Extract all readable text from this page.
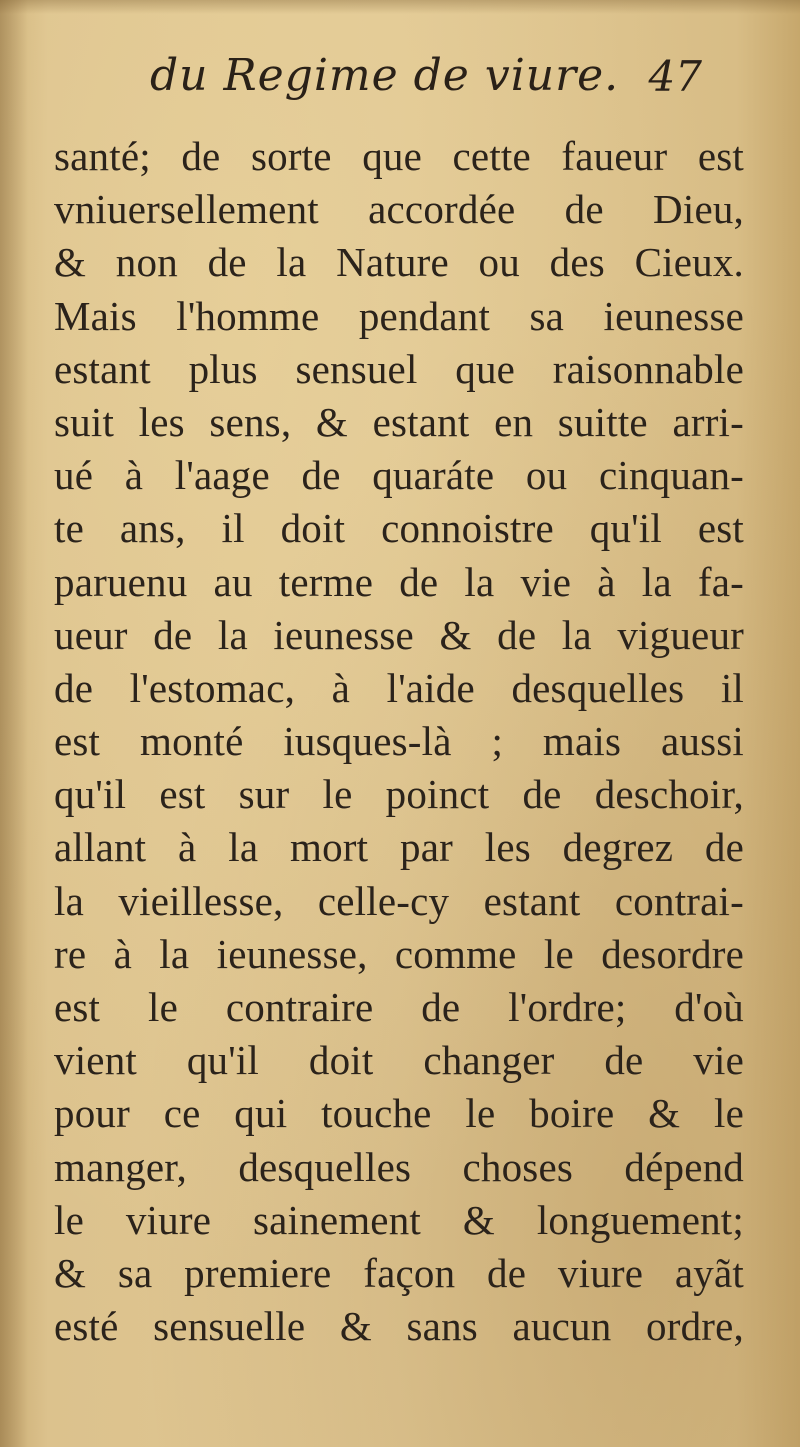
du Regime de viure. 47
santé; de sorte que cette faueur est
vniuersellement accordée de Dieu,
& non de la Nature ou des Cieux.
Mais l'homme pendant sa ieunesse
estant plus sensuel que raisonnable
suit les sens, & estant en suitte arri-
ué à l'aage de quaráte ou cinquan-
te ans, il doit connoistre qu'il est
paruenu au terme de la vie à la fa-
ueur de la ieunesse & de la vigueur
de l'estomac, à l'aide desquelles il
est monté iusques-là ; mais aussi
qu'il est sur le poinct de deschoir,
allant à la mort par les degrez de
la vieillesse, celle-cy estant contrai-
re à la ieunesse, comme le desordre
est le contraire de l'ordre; d'où
vient qu'il doit changer de vie
pour ce qui touche le boire & le
manger, desquelles choses dépend
le viure sainement & longuement;
& sa premiere façon de viure ayãt
esté sensuelle & sans aucun ordre,
